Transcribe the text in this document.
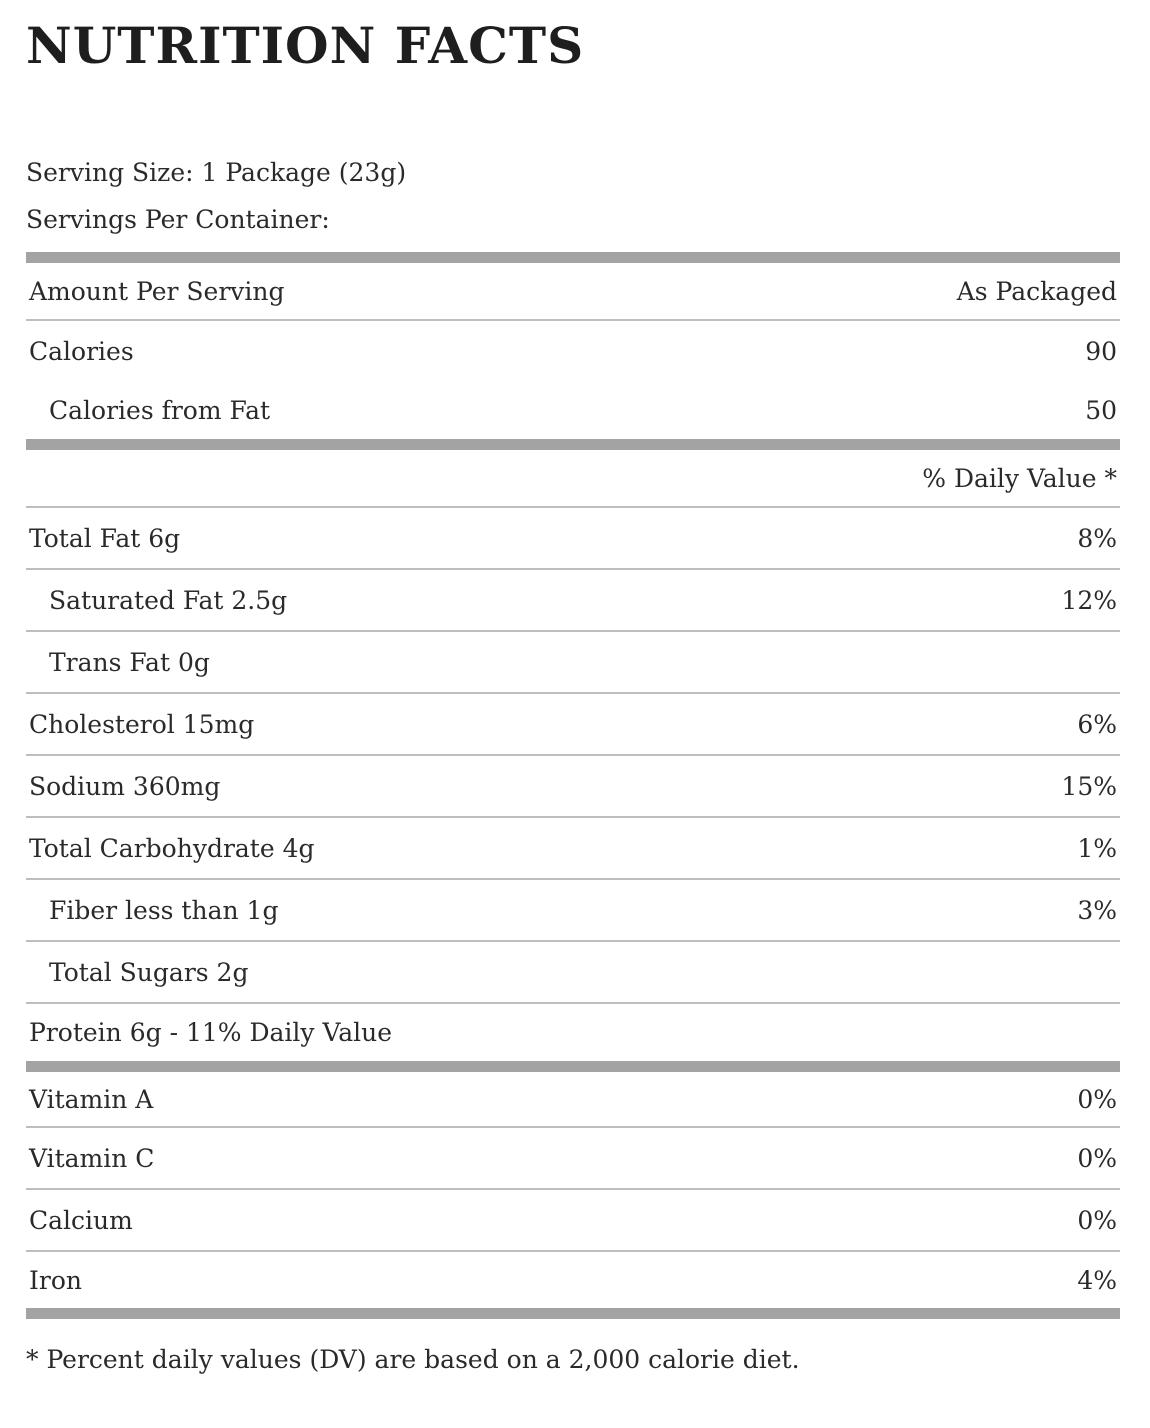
NUTRITION FACTS
Serving Size: 1 Package (23g)
Servings Per Container:
Amount Per Serving	As Packaged
Calories	90
Calories from Fat	50
% Daily Value *
Total Fat 6g	8%
Saturated Fat 2.5g	12%
Trans Fat 0g
Cholesterol 15mg	6%
Sodium 360mg	15%
Total Carbohydrate 4g	1%
Fiber less than 1g	3%
Total Sugars 2g
Protein 6g - 11% Daily Value
Vitamin A	0%
Vitamin C	0%
Calcium	0%
Iron	4%
* Percent daily values (DV) are based on a 2,000 calorie diet.
